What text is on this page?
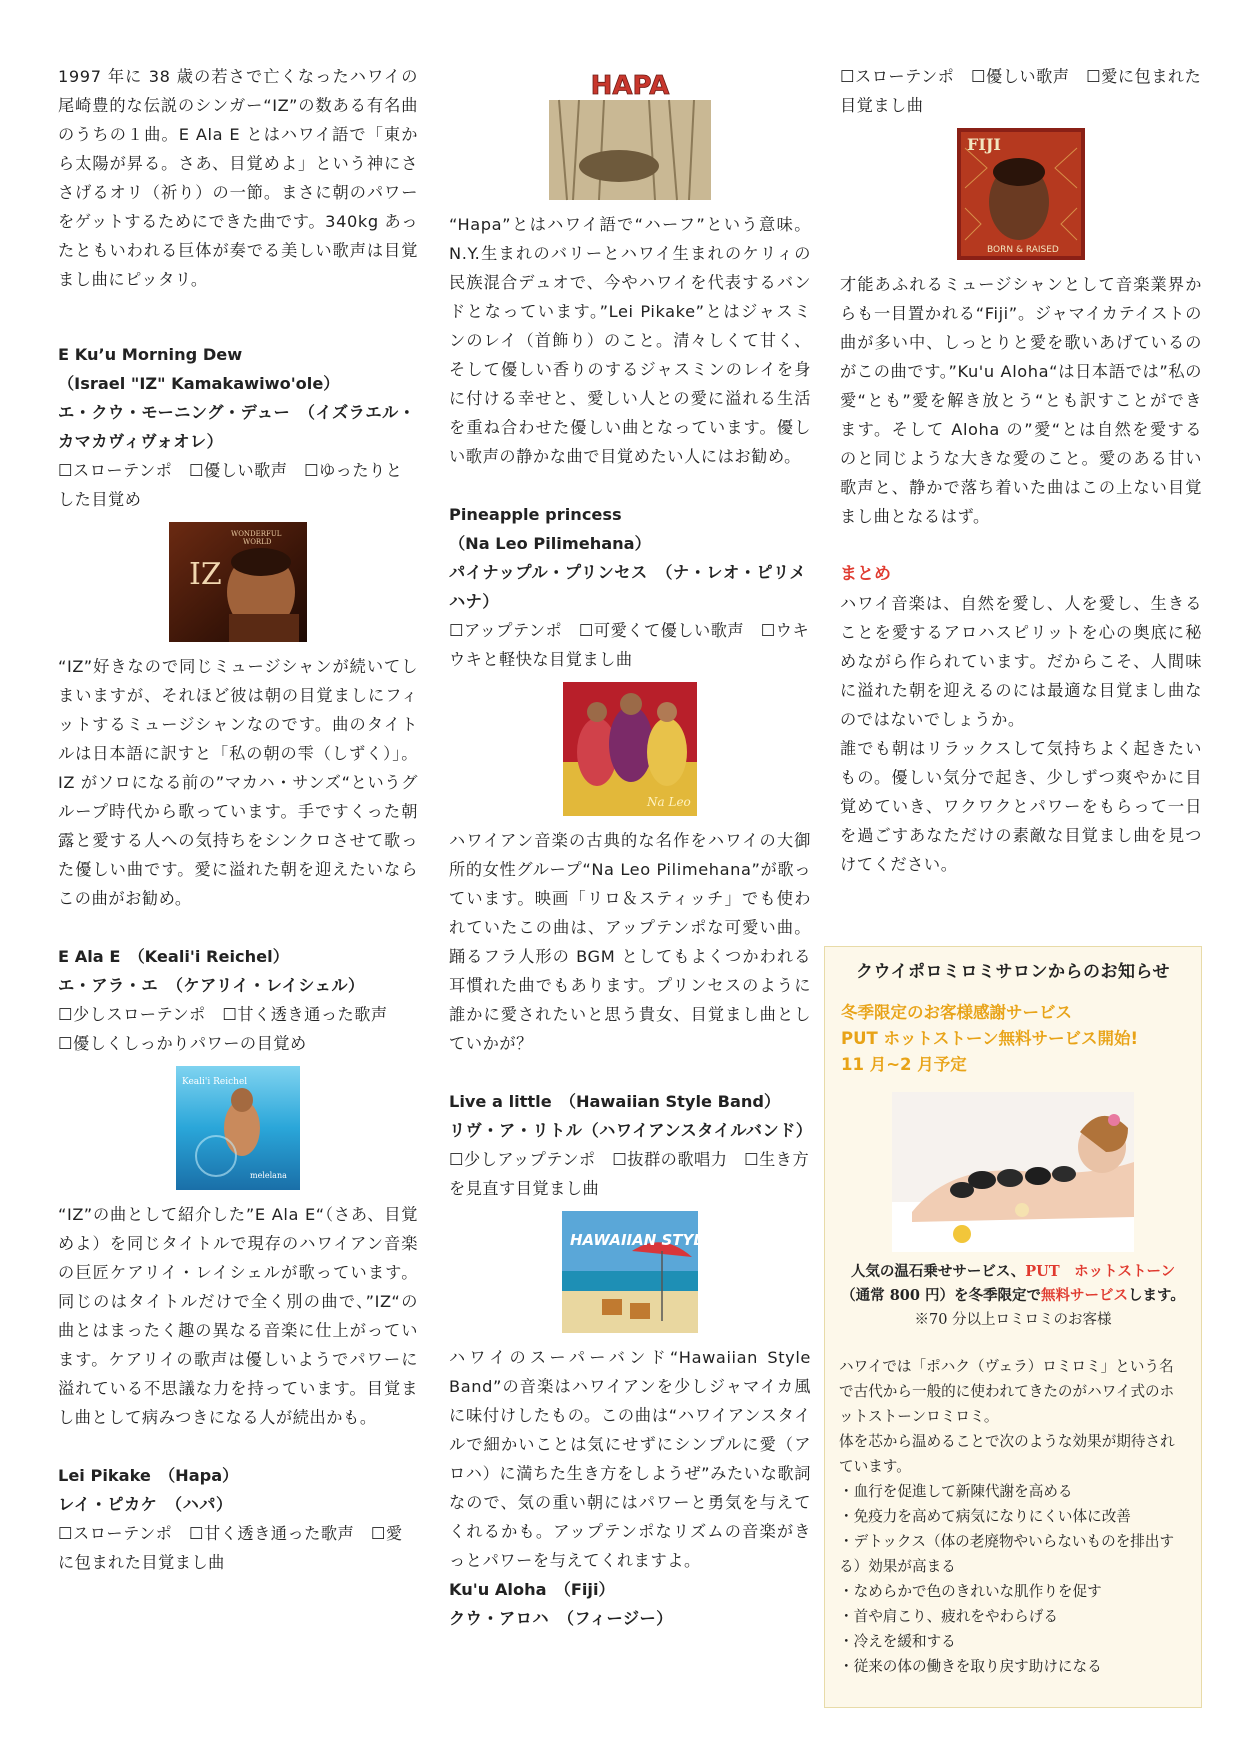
1997 年に 38 歳の若さで亡くなったハワイの尾崎豊的な伝説のシンガー“IZ”の数ある有名曲のうちの１曲。E Ala E とはハワイ語で「東から太陽が昇る。さあ、目覚めよ」という神にささげるオリ（祈り）の一節。まさに朝のパワーをゲットするためにできた曲です。340kg あったともいわれる巨体が奏でる美しい歌声は目覚まし曲にピッタリ。

E Ku’u Morning Dew
（Israel "IZ" Kamakawiwo'ole）
エ・クウ・モーニング・デュー　（イズラエル・カマカヴィヴォオレ）
☐スローテンポ　☐優しい歌声　☐ゆったりとした目覚め
WONDERFUL
WORLD
IZ

“IZ”好きなので同じミュージシャンが続いてしまいますが、それほど彼は朝の目覚ましにフィットするミュージシャンなのです。曲のタイトルは日本語に訳すと「私の朝の雫（しずく）」。IZ がソロになる前の”マカハ・サンズ“というグループ時代から歌っています。手ですくった朝露と愛する人への気持ちをシンクロさせて歌った優しい曲です。愛に溢れた朝を迎えたいならこの曲がお勧め。

E Ala E　（Keali'i Reichel）
エ・アラ・エ　（ケアリイ・レイシェル）
☐少しスローテンポ　☐甘く透き通った歌声　☐優しくしっかりパワーの目覚め
Keali'i Reichel
melelana

“IZ”の曲として紹介した”E Ala E“（さあ、目覚めよ）を同じタイトルで現存のハワイアン音楽の巨匠ケアリイ・レイシェルが歌っています。同じのはタイトルだけで全く別の曲で、”IZ“の曲とはまったく趣の異なる音楽に仕上がっています。ケアリイの歌声は優しいようでパワーに溢れている不思議な力を持っています。目覚まし曲として病みつきになる人が続出かも。

Lei Pikake　（Hapa）
レイ・ピカケ　（ハパ）
☐スローテンポ　☐甘く透き通った歌声　☐愛に包まれた目覚まし曲
HAPA

“Hapa”とはハワイ語で“ハーフ”という意味。N.Y.生まれのバリーとハワイ生まれのケリィの民族混合デュオで、今やハワイを代表するバンドとなっています。”Lei Pikake”とはジャスミンのレイ（首飾り）のこと。清々しくて甘く、そして優しい香りのするジャスミンのレイを身に付ける幸せと、愛しい人との愛に溢れる生活を重ね合わせた優しい曲となっています。優しい歌声の静かな曲で目覚めたい人にはお勧め。

Pineapple princess
（Na Leo Pilimehana）
パイナップル・プリンセス　（ナ・レオ・ピリメハナ）
☐アップテンポ　☐可愛くて優しい歌声　☐ウキウキと軽快な目覚まし曲
Na Leo

ハワイアン音楽の古典的な名作をハワイの大御所的女性グループ“Na Leo Pilimehana”が歌っています。映画「リロ＆スティッチ」でも使われていたこの曲は、アップテンポな可愛い曲。踊るフラ人形の BGM としてもよくつかわれる耳慣れた曲でもあります。プリンセスのように誰かに愛されたいと思う貴女、目覚まし曲としていかが？

Live a little　（Hawaiian Style Band）
リヴ・ア・リトル（ハワイアンスタイルバンド）
☐少しアップテンポ　☐抜群の歌唱力　☐生き方を見直す目覚まし曲
HAWAIIAN STYLE

ハワイのスーパーバンド“Hawaiian Style Band”の音楽はハワイアンを少しジャマイカ風に味付けしたもの。この曲は“ハワイアンスタイルで細かいことは気にせずにシンプルに愛（アロハ）に満ちた生き方をしようぜ”みたいな歌詞なので、気の重い朝にはパワーと勇気を与えてくれるかも。アップテンポなリズムの音楽がきっとパワーを与えてくれますよ。

Ku'u Aloha　（Fiji）
クウ・アロハ　（フィージー）
☐スローテンポ　☐優しい歌声　☐愛に包まれた目覚まし曲
FIJI
BORN & RAISED

才能あふれるミュージシャンとして音楽業界からも一目置かれる“Fiji”。ジャマイカテイストの曲が多い中、しっとりと愛を歌いあげているのがこの曲です。”Ku'u Aloha“は日本語では”私の愛“とも”愛を解き放とう“とも訳すことができます。そして Aloha の”愛“とは自然を愛するのと同じような大きな愛のこと。愛のある甘い歌声と、静かで落ち着いた曲はこの上ない目覚まし曲となるはず。

まとめ

ハワイ音楽は、自然を愛し、人を愛し、生きることを愛するアロハスピリットを心の奥底に秘めながら作られています。だからこそ、人間味に溢れた朝を迎えるのには最適な目覚まし曲なのではないでしょうか。

誰でも朝はリラックスして気持ちよく起きたいもの。優しい気分で起き、少しずつ爽やかに目覚めていき、ワクワクとパワーをもらって一日を過ごすあなただけの素敵な目覚まし曲を見つけてください。

クウイポロミロミサロンからのお知らせ
冬季限定のお客様感謝サービス
PUT ホットストーン無料サービス開始!
11 月~2 月予定
人気の温石乗せサービス、PUT　ホットストーン
（通常 800 円）を冬季限定で無料サービスします。
※70 分以上ロミロミのお客様
ハワイでは「ポハク（ヴェラ）ロミロミ」という名で古代から一般的に使われてきたのがハワイ式のホットストーンロミロミ。
体を芯から温めることで次のような効果が期待されています。
・血行を促進して新陳代謝を高める
・免疫力を高めて病気になりにくい体に改善
・デトックス（体の老廃物やいらないものを排出する）効果が高まる
・なめらかで色のきれいな肌作りを促す
・首や肩こり、疲れをやわらげる
・冷えを緩和する
・従来の体の働きを取り戻す助けになる
